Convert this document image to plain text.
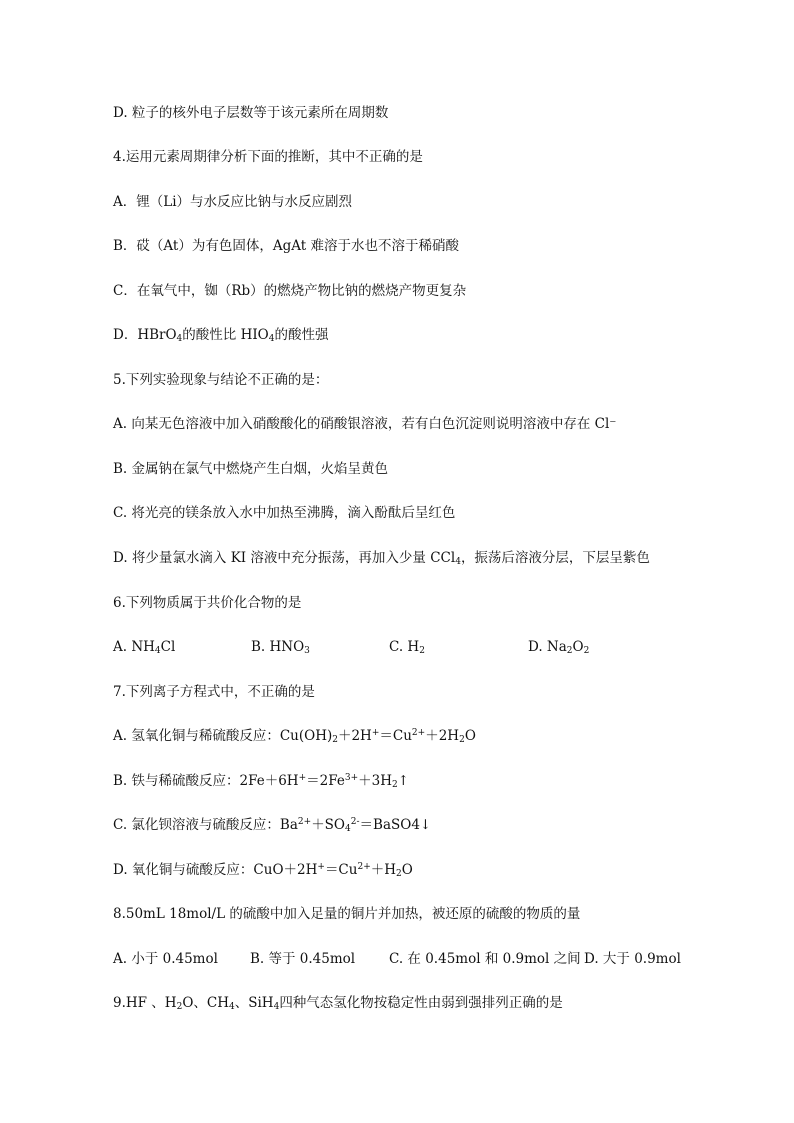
D. 粒子的核外电子层数等于该元素所在周期数
4.运用元素周期律分析下面的推断，其中不正确的是
A．锂（Li）与水反应比钠与水反应剧烈
B．砹（At）为有色固体，AgAt 难溶于水也不溶于稀硝酸
C．在氧气中，铷（Rb）的燃烧产物比钠的燃烧产物更复杂
D．HBrO$_4$的酸性比 $HIO_4$的酸性强
5.下列实验现象与结论不正确的是：
A. 向某无色溶液中加入硝酸酸化的硝酸银溶液，若有白色沉淀则说明溶液中存在 Cl⁻
B. 金属钠在氯气中燃烧产生白烟，火焰呈黄色
C. 将光亮的镁条放入水中加热至沸腾，滴入酚酞后呈红色
D. 将少量氯水滴入 KI 溶液中充分振荡，再加入少量 CCl$_4$，振荡后溶液分层，下层呈紫色
6.下列物质属于共价化合物的是
A. $NH_4Cl$	B. $HNO_3$	C. $H_2$	D. $Na_2O_2$
7.下列离子方程式中，不正确的是
A. 氢氧化铜与稀硫酸反应：$Cu(OH)_2+2H^+=Cu^{2+}+2H_2O$
B. 铁与稀硫酸反应：$2Fe+6H^+=2Fe^{3+}+3H_2↑$
C. 氯化钡溶液与硫酸反应：$Ba^{2+}+SO_4^{2-}=BaSO4↓$
D. 氧化铜与硫酸反应：$CuO+2H^+=Cu^{2+}+H_2O$
8.50mL 18mol/L 的硫酸中加入足量的铜片并加热，被还原的硫酸的物质的量
A. 小于 0.45mol B. 等于 0.45mol	C. 在 0.45mol 和 0.9mol 之间 D. 大于 0.9mol
9.HF 、$H_2O$、$CH_4$、SiH$_4$四种气态氢化物按稳定性由弱到强排列正确的是
